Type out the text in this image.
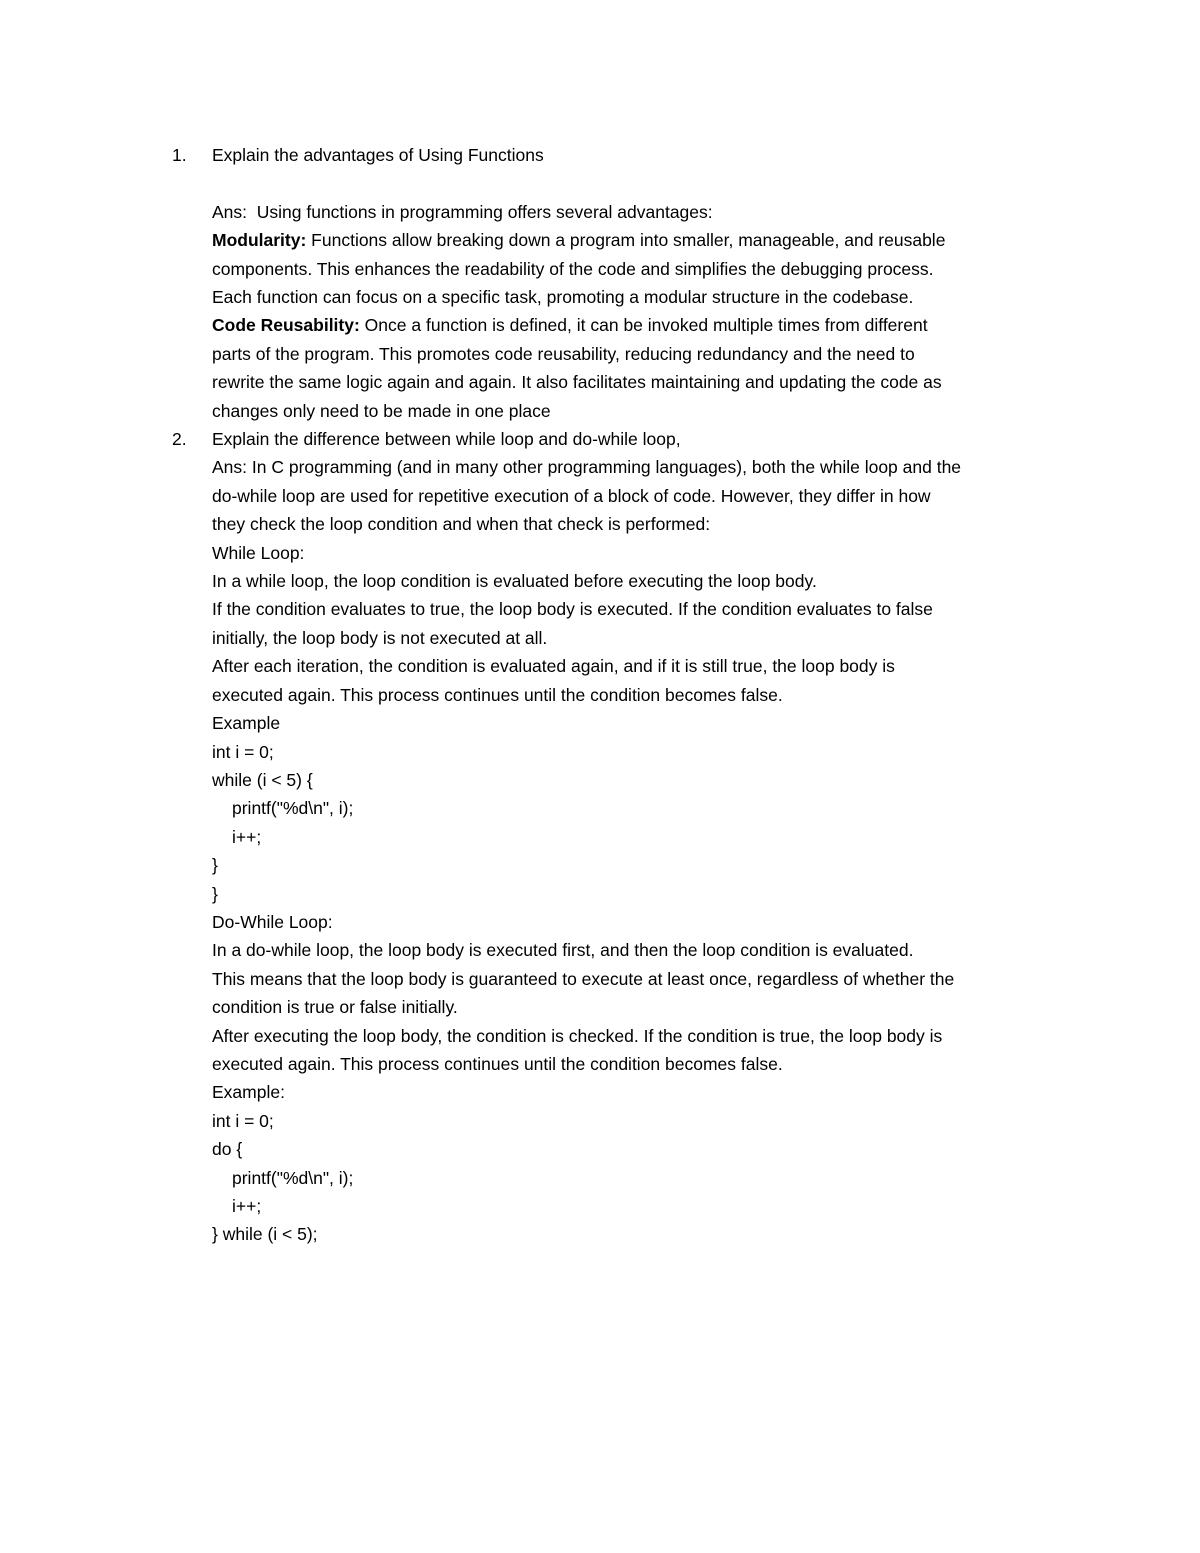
1.	Explain the advantages of Using Functions
Ans:  Using functions in programming offers several advantages:
Modularity: Functions allow breaking down a program into smaller, manageable, and reusable
components. This enhances the readability of the code and simplifies the debugging process.
Each function can focus on a specific task, promoting a modular structure in the codebase.
Code Reusability: Once a function is defined, it can be invoked multiple times from different
parts of the program. This promotes code reusability, reducing redundancy and the need to
rewrite the same logic again and again. It also facilitates maintaining and updating the code as
changes only need to be made in one place
2.	Explain the difference between while loop and do-while loop,
Ans: In C programming (and in many other programming languages), both the while loop and the
do-while loop are used for repetitive execution of a block of code. However, they differ in how
they check the loop condition and when that check is performed:
While Loop:
In a while loop, the loop condition is evaluated before executing the loop body.
If the condition evaluates to true, the loop body is executed. If the condition evaluates to false
initially, the loop body is not executed at all.
After each iteration, the condition is evaluated again, and if it is still true, the loop body is
executed again. This process continues until the condition becomes false.
Example
int i = 0;
while (i < 5) {
printf("%d\n", i);
i++;
}
}
Do-While Loop:
In a do-while loop, the loop body is executed first, and then the loop condition is evaluated.
This means that the loop body is guaranteed to execute at least once, regardless of whether the
condition is true or false initially.
After executing the loop body, the condition is checked. If the condition is true, the loop body is
executed again. This process continues until the condition becomes false.
Example:
int i = 0;
do {
printf("%d\n", i);
i++;
} while (i < 5);
